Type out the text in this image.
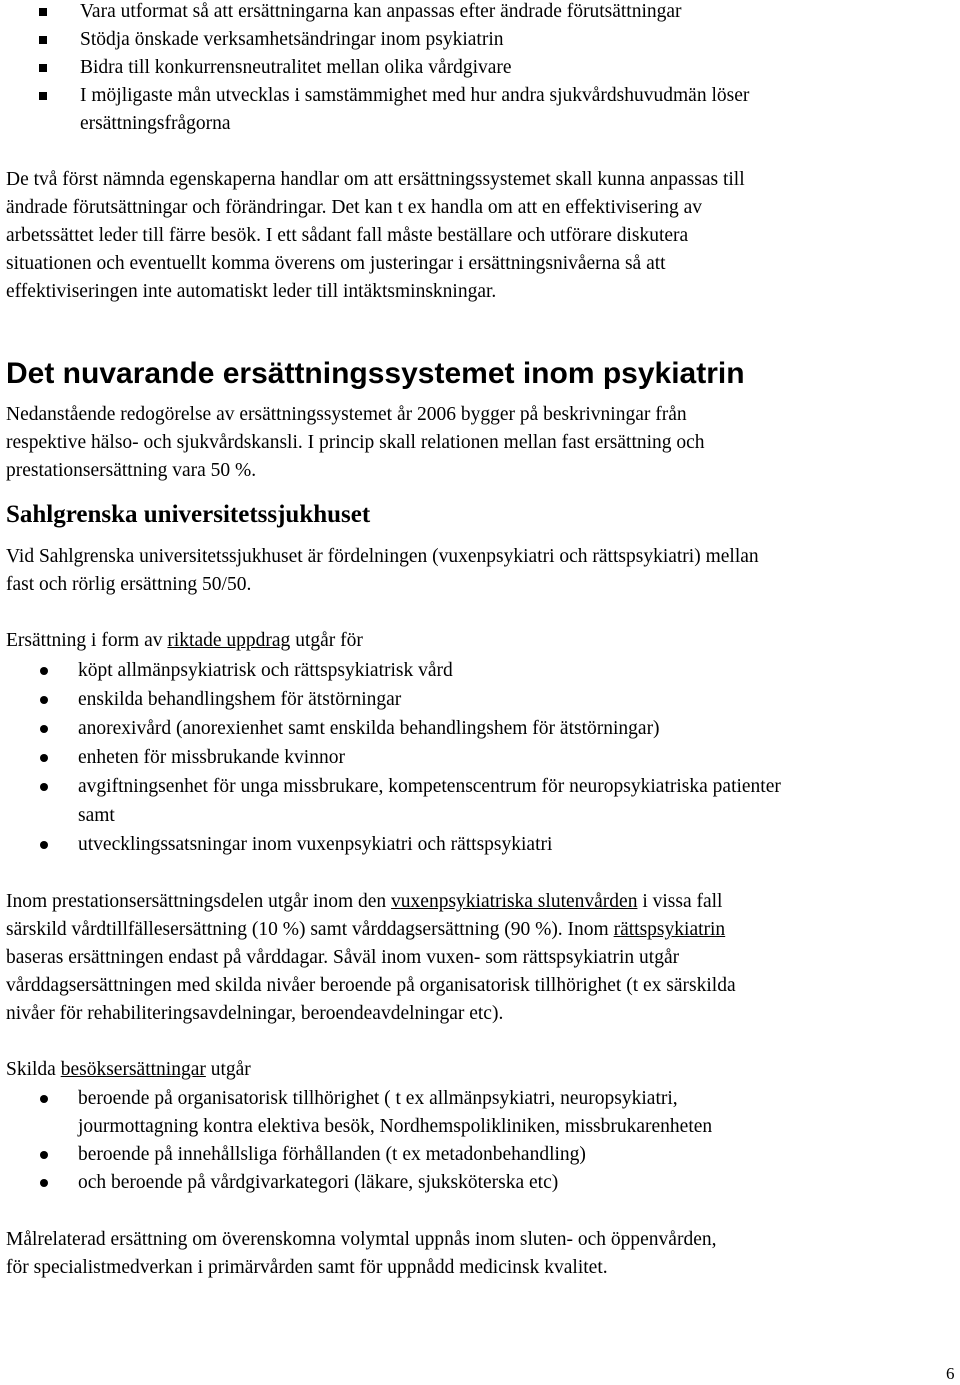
Vara utformat så att ersättningarna kan anpassas efter ändrade förutsättningar
Stödja önskade verksamhetsändringar inom psykiatrin
Bidra till konkurrensneutralitet mellan olika vårdgivare
I möjligaste mån utvecklas i samstämmighet med hur andra sjukvårdshuvudmän löser
ersättningsfrågorna
De två först nämnda egenskaperna handlar om att ersättningssystemet skall kunna anpassas till
ändrade förutsättningar och förändringar. Det kan t ex handla om att en effektivisering av
arbetssättet leder till färre besök. I ett sådant fall måste beställare och utförare diskutera
situationen och eventuellt komma överens om justeringar i ersättningsnivåerna så att
effektiviseringen inte automatiskt leder till intäktsminskningar.
Det nuvarande ersättningssystemet inom psykiatrin
Nedanstående redogörelse av ersättningssystemet år 2006 bygger på beskrivningar från
respektive hälso- och sjukvårdskansli. I princip skall relationen mellan fast ersättning och
prestationsersättning vara 50 %.
Sahlgrenska universitetssjukhuset
Vid Sahlgrenska universitetssjukhuset är fördelningen (vuxenpsykiatri och rättspsykiatri) mellan
fast och rörlig ersättning 50/50.
Ersättning i form av riktade uppdrag utgår för
köpt allmänpsykiatrisk och rättspsykiatrisk vård
enskilda behandlingshem för ätstörningar
anorexivård (anorexienhet samt enskilda behandlingshem för ätstörningar)
enheten för missbrukande kvinnor
avgiftningsenhet för unga missbrukare, kompetenscentrum för neuropsykiatriska patienter
samt
utvecklingssatsningar inom vuxenpsykiatri och rättspsykiatri
Inom prestationsersättningsdelen utgår inom den vuxenpsykiatriska slutenvården i vissa fall
särskild vårdtillfällesersättning (10 %) samt vårddagsersättning (90 %). Inom rättspsykiatrin
baseras ersättningen endast på vårddagar. Såväl inom vuxen- som rättspsykiatrin utgår
vårddagsersättningen med skilda nivåer beroende på organisatorisk tillhörighet (t ex särskilda
nivåer för rehabiliteringsavdelningar, beroendeavdelningar etc).
Skilda besöksersättningar utgår
beroende på organisatorisk tillhörighet ( t ex allmänpsykiatri, neuropsykiatri,
jourmottagning kontra elektiva besök, Nordhemspolikliniken, missbrukarenheten
beroende på innehållsliga förhållanden (t ex metadonbehandling)
och beroende på vårdgivarkategori (läkare, sjuksköterska etc)
Målrelaterad ersättning om överenskomna volymtal uppnås inom sluten- och öppenvården,
för specialistmedverkan i primärvården samt för uppnådd medicinsk kvalitet.
6
